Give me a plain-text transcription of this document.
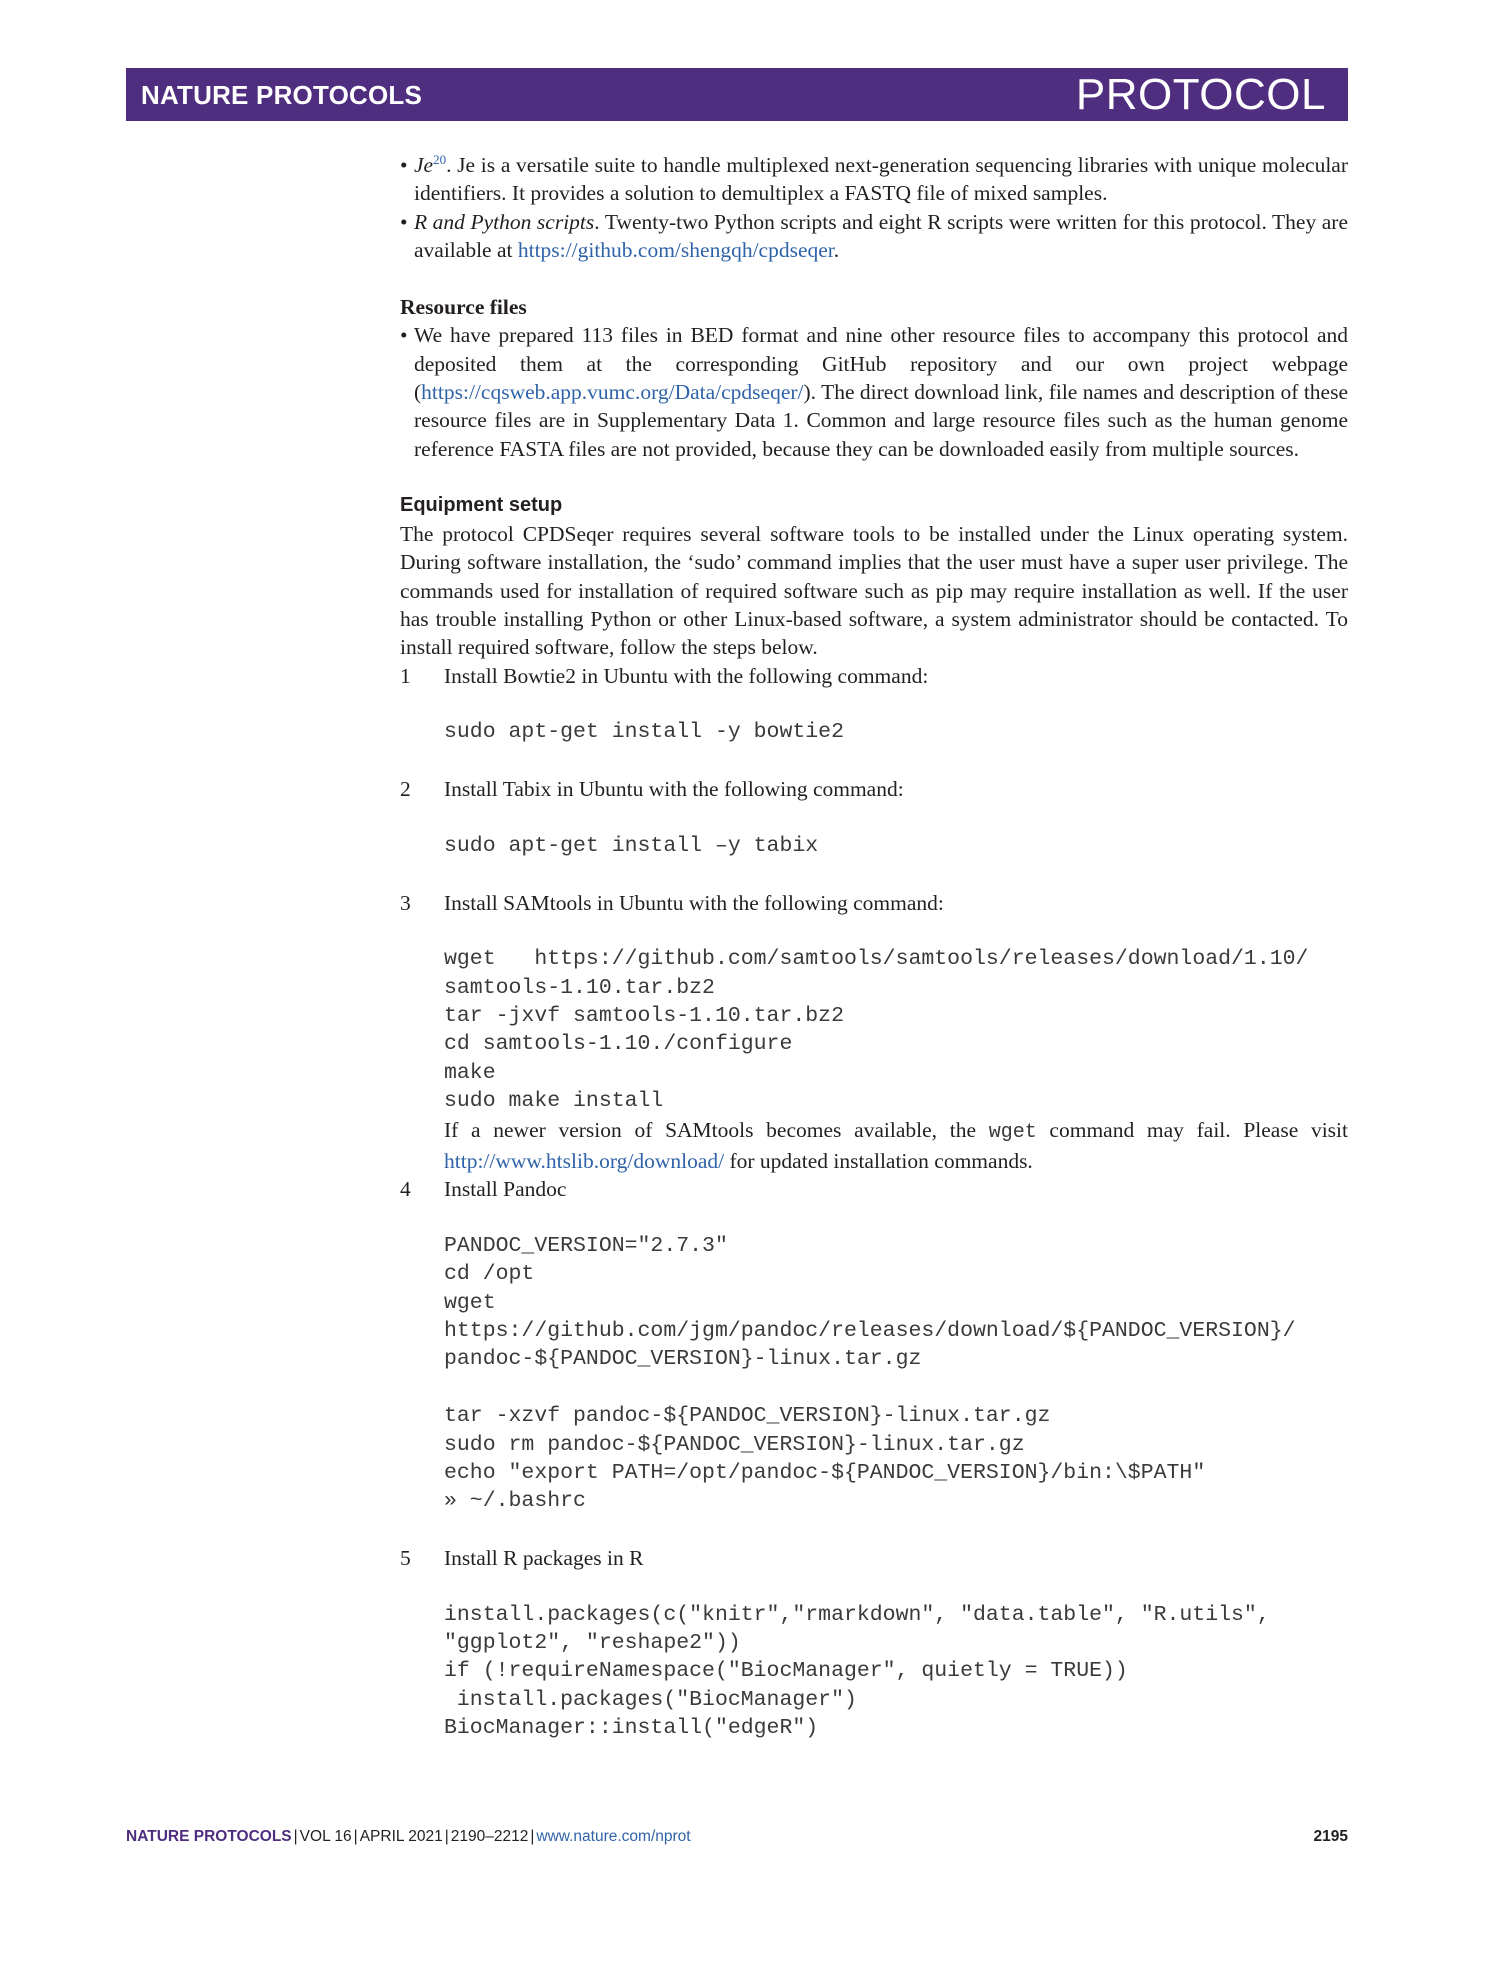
NATURE PROTOCOLS	PROTOCOL
• Je$^{20}$. Je is a versatile suite to handle multiplexed next-generation sequencing libraries with unique molecular identifiers. It provides a solution to demultiplex a FASTQ file of mixed samples.
• R and Python scripts. Twenty-two Python scripts and eight R scripts were written for this protocol. They are available at https://github.com/shengqh/cpdseqer.
Resource files
• We have prepared 113 files in BED format and nine other resource files to accompany this protocol and deposited them at the corresponding GitHub repository and our own project webpage (https://cqsweb.app.vumc.org/Data/cpdseqer/). The direct download link, file names and description of these resource files are in Supplementary Data 1. Common and large resource files such as the human genome reference FASTA files are not provided, because they can be downloaded easily from multiple sources.
Equipment setup
The protocol CPDSeqer requires several software tools to be installed under the Linux operating system. During software installation, the ‘sudo’ command implies that the user must have a super user privilege. The commands used for installation of required software such as pip may require installation as well. If the user has trouble installing Python or other Linux-based software, a system administrator should be contacted. To install required software, follow the steps below.
1 Install Bowtie2 in Ubuntu with the following command:
sudo apt-get install -y bowtie2
2 Install Tabix in Ubuntu with the following command:
sudo apt-get install –y tabix
3 Install SAMtools in Ubuntu with the following command:
wget   https://github.com/samtools/samtools/releases/download/1.10/
samtools-1.10.tar.bz2
tar -jxvf samtools-1.10.tar.bz2
cd samtools-1.10./configure
make
sudo make install
If a newer version of SAMtools becomes available, the wget command may fail. Please visit http://www.htslib.org/download/ for updated installation commands.
4 Install Pandoc
PANDOC_VERSION="2.7.3"
cd /opt
wget
https://github.com/jgm/pandoc/releases/download/${PANDOC_VERSION}/
pandoc-${PANDOC_VERSION}-linux.tar.gz
tar -xzvf pandoc-${PANDOC_VERSION}-linux.tar.gz
sudo rm pandoc-${PANDOC_VERSION}-linux.tar.gz
echo "export PATH=/opt/pandoc-${PANDOC_VERSION}/bin:\$PATH"
» ~/.bashrc
5 Install R packages in R
install.packages(c("knitr","rmarkdown", "data.table", "R.utils",
"ggplot2", "reshape2"))
if (!requireNamespace("BiocManager", quietly = TRUE))
install.packages("BiocManager")
BiocManager::install("edgeR")
NATURE PROTOCOLS | VOL 16 | APRIL 2021 | 2190–2212 | www.nature.com/nprot	2195
